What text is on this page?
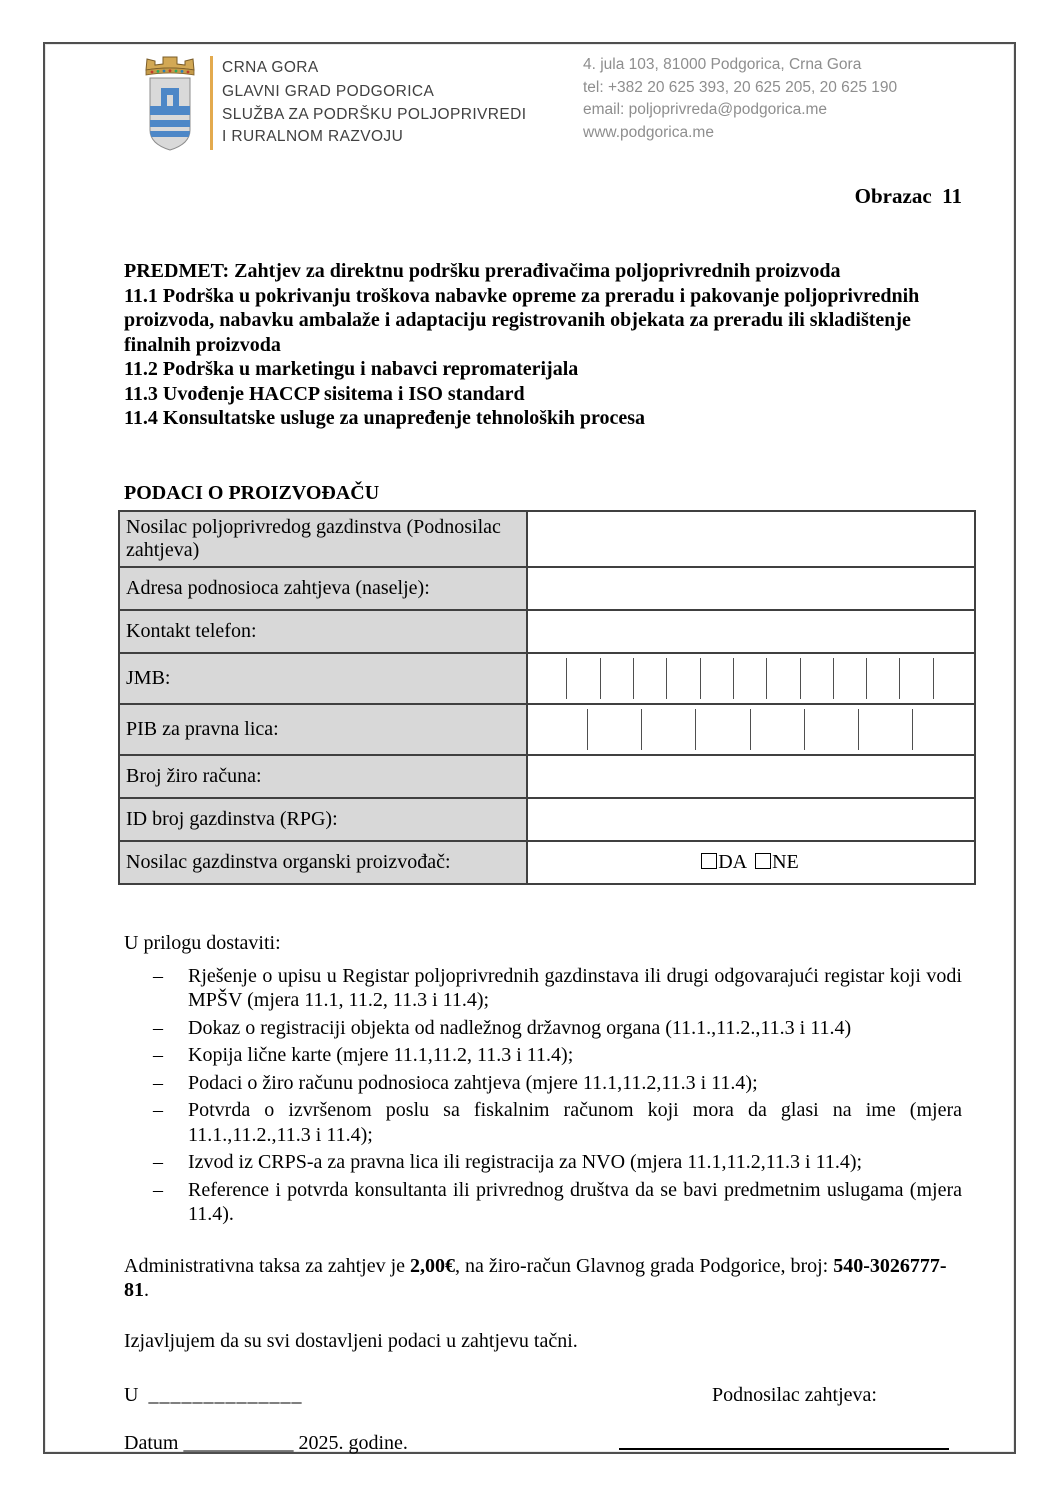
CRNA GORA
GLAVNI GRAD PODGORICA
SLUŽBA ZA PODRŠKU POLJOPRIVREDI
I RURALNOM RAZVOJU
4. jula 103, 81000 Podgorica, Crna Gora
tel: +382 20 625 393, 20 625 205, 20 625 190
email: poljoprivreda@podgorica.me
www.podgorica.me
Obrazac  11

PREDMET: Zahtjev za direktnu podršku prerađivačima poljoprivrednih proizvoda

11.1 Podrška u pokrivanju troškova nabavke opreme za preradu i pakovanje poljoprivrednih proizvoda, nabavku ambalaže i adaptaciju registrovanih objekata za preradu ili skladištenje finalnih proizvoda

11.2 Podrška u marketingu i nabavci repromaterijala

11.3 Uvođenje HACCP sisitema i ISO standard

11.4 Konsultatske usluge za unapređenje tehnoloških procesa

PODACI O PROIZVOĐAČU
Nosilac poljoprivredog gazdinstva (Podnosilac zahtjeva)	
Adresa podnosioca zahtjeva (naselje):	
Kontakt telefon:	
JMB:	

PIB za pravna lica:	

Broj žiro računa:	
ID broj gazdinstva (RPG):	
Nosilac gazdinstva organski proizvođač:	DA NE
U prilogu dostaviti:
– Rješenje o upisu u Registar poljoprivrednih gazdinstava ili drugi odgovarajući registar koji vodi MPŠV (mjera 11.1, 11.2, 11.3 i 11.4);
– Dokaz o registraciji objekta od nadležnog državnog organa (11.1.,11.2.,11.3 i 11.4)
– Kopija lične karte (mjere 11.1,11.2, 11.3 i 11.4);
– Podaci o žiro računu podnosioca zahtjeva (mjere 11.1,11.2,11.3 i 11.4);
– Potvrda o izvršenom poslu sa fiskalnim računom koji mora da glasi na ime (mjera 11.1.,11.2.,11.3 i 11.4);
– Izvod iz CRPS-a za pravna lica ili registracija za NVO (mjera 11.1,11.2,11.3 i 11.4);
– Reference i potvrda konsultanta ili privrednog društva da se bavi predmetnim uslugama (mjera 11.4).
Administrativna taksa za zahtjev je 2,00€, na žiro-račun Glavnog grada Podgorice, broj: 540-3026777-81.
Izjavljujem da su svi dostavljeni podaci u zahtjevu tačni.
U ______________	Podnosilac zahtjeva:
Datum ___________ 2025. godine.
